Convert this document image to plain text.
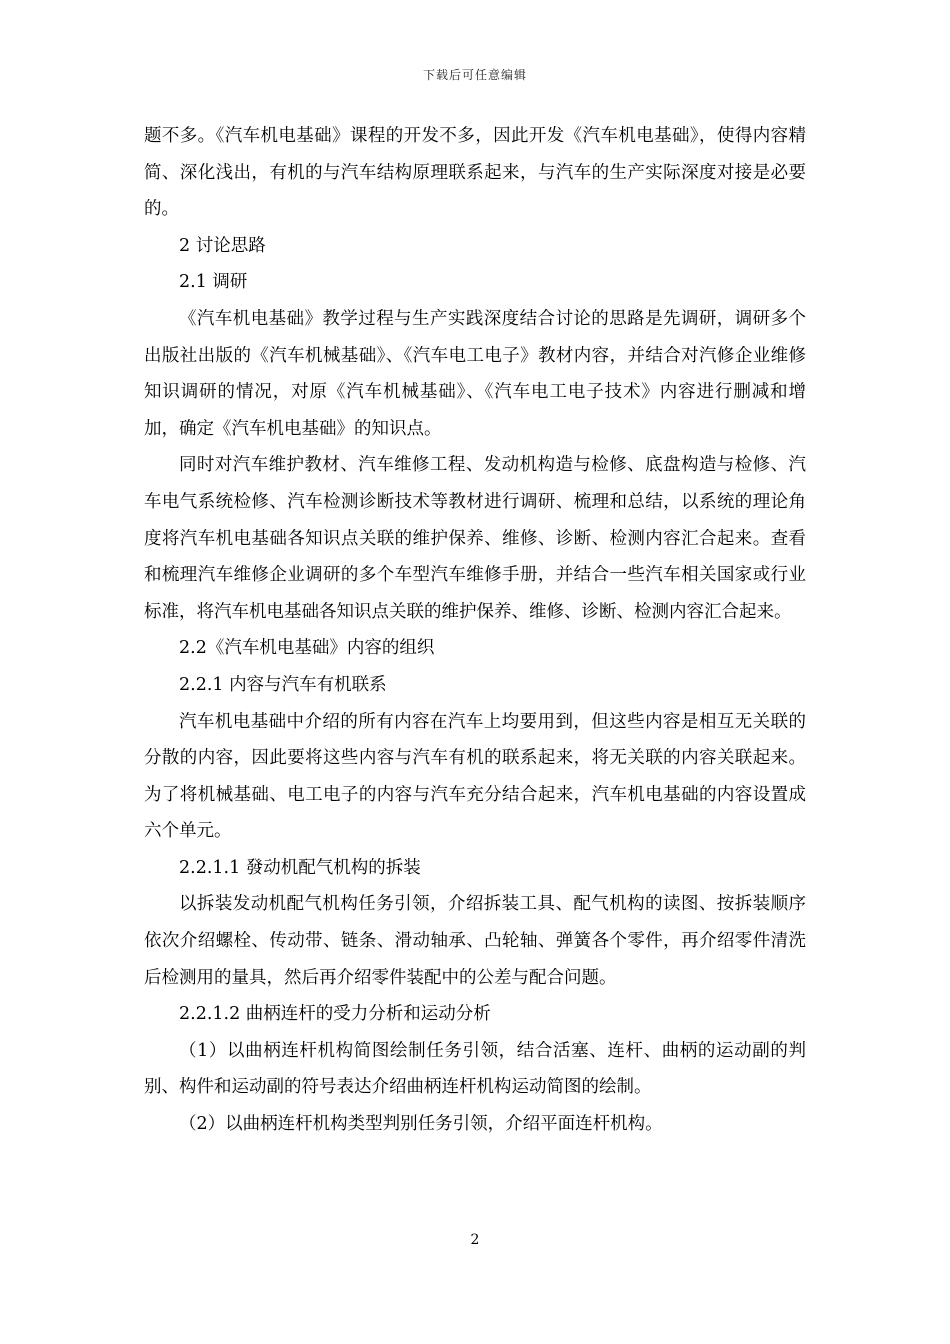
下载后可任意编辑

题不多。《汽车机电基础》课程的开发不多，因此开发《汽车机电基础》，使得内容精简、深化浅出，有机的与汽车结构原理联系起来，与汽车的生产实际深度对接是必要的。

2 讨论思路

2.1 调研

《汽车机电基础》教学过程与生产实践深度结合讨论的思路是先调研，调研多个出版社出版的《汽车机械基础》、《汽车电工电子》教材内容，并结合对汽修企业维修知识调研的情况，对原《汽车机械基础》、《汽车电工电子技术》内容进行删减和增加，确定《汽车机电基础》的知识点。

同时对汽车维护教材、汽车维修工程、发动机构造与检修、底盘构造与检修、汽车电气系统检修、汽车检测诊断技术等教材进行调研、梳理和总结，以系统的理论角度将汽车机电基础各知识点关联的维护保养、维修、诊断、检测内容汇合起来。查看和梳理汽车维修企业调研的多个车型汽车维修手册，并结合一些汽车相关国家或行业标准，将汽车机电基础各知识点关联的维护保养、维修、诊断、检测内容汇合起来。

2.2《汽车机电基础》内容的组织

2.2.1 内容与汽车有机联系

汽车机电基础中介绍的所有内容在汽车上均要用到，但这些内容是相互无关联的分散的内容，因此要将这些内容与汽车有机的联系起来，将无关联的内容关联起来。为了将机械基础、电工电子的内容与汽车充分结合起来，汽车机电基础的内容设置成六个单元。

2.2.1.1 發动机配气机构的拆装

以拆装发动机配气机构任务引领，介绍拆装工具、配气机构的读图、按拆装顺序依次介绍螺栓、传动带、链条、滑动轴承、凸轮轴、弹簧各个零件，再介绍零件清洗后检测用的量具，然后再介绍零件装配中的公差与配合问题。

2.2.1.2 曲柄连杆的受力分析和运动分析

（1）以曲柄连杆机构简图绘制任务引领，结合活塞、连杆、曲柄的运动副的判别、构件和运动副的符号表达介绍曲柄连杆机构运动简图的绘制。

（2）以曲柄连杆机构类型判别任务引领，介绍平面连杆机构。

2
